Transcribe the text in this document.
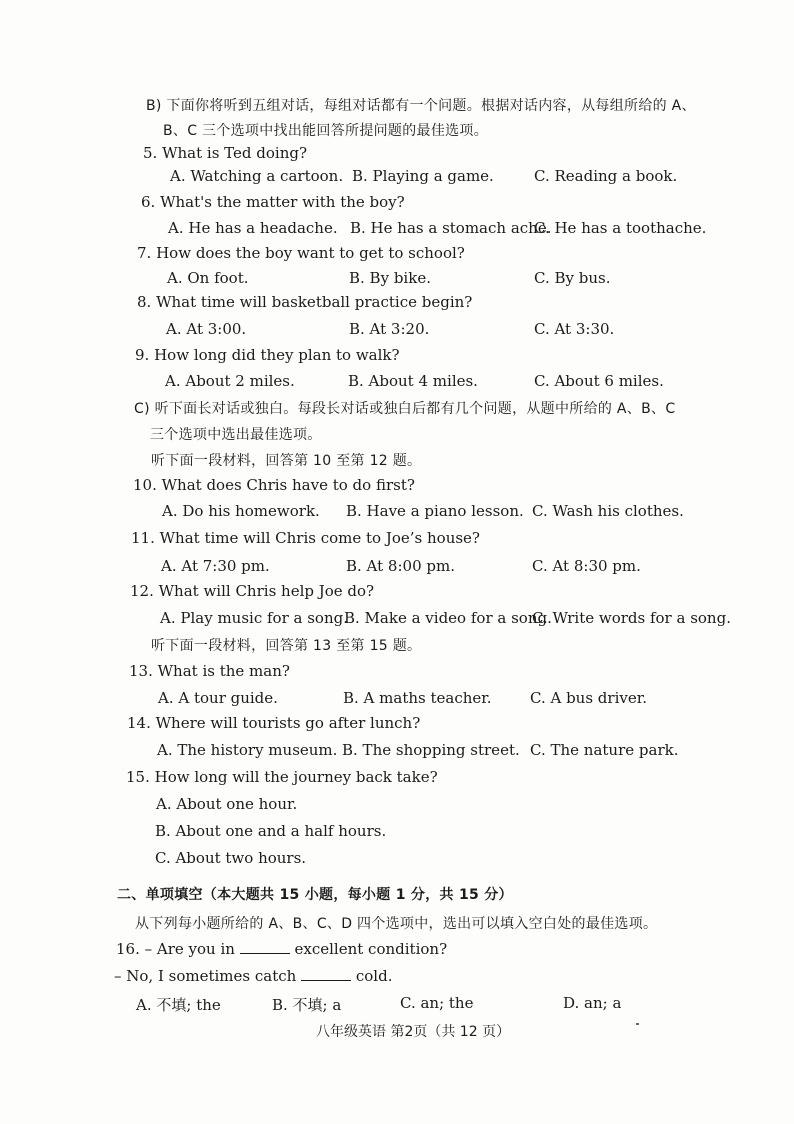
B) 下面你将听到五组对话，每组对话都有一个问题。根据对话内容，从每组所给的 A、
B、C 三个选项中找出能回答所提问题的最佳选项。
5. What is Ted doing?
A. Watching a cartoon. B. Playing a game.	C. Reading a book.
6. What's the matter with the boy?
A. He has a headache. B. He has a stomach ache.
C. He has a toothache.
7. How does the boy want to get to school?
A. On foot.	B. By bike.	C. By bus.
8. What time will basketball practice begin?
A. At 3:00.	B. At 3:20.	C. At 3:30.
9. How long did they plan to walk?
A. About 2 miles.	B. About 4 miles.	C. About 6 miles.
C) 听下面长对话或独白。每段长对话或独白后都有几个问题，从题中所给的 A、B、C
三个选项中选出最佳选项。
听下面一段材料，回答第 10 至第 12 题。
10. What does Chris have to do first?
A. Do his homework. B. Have a piano lesson. C. Wash his clothes.
11. What time will Chris come to Joe’s house?
A. At 7:30 pm.	B. At 8:00 pm.	C. At 8:30 pm.
12. What will Chris help Joe do?
A. Play music for a song.
B. Make a video for a song.
C. Write words for a song.
听下面一段材料，回答第 13 至第 15 题。
13. What is the man?
A. A tour guide.	B. A maths teacher.	C. A bus driver.
14. Where will tourists go after lunch?
A. The history museum. B. The shopping street. C. The nature park.
15. How long will the journey back take?
A. About one hour.
B. About one and a half hours.
C. About two hours.
二、单项填空（本大题共 15 小题，每小题 1 分，共 15 分）
从下列每小题所给的 A、B、C、D 四个选项中，选出可以填入空白处的最佳选项。
16. – Are you in	excellent condition?
– No, I sometimes catch	cold.
A. 不填; the	B. 不填; a	C. an; the	D. an; a
八年级英语 第2页（共 12 页）
